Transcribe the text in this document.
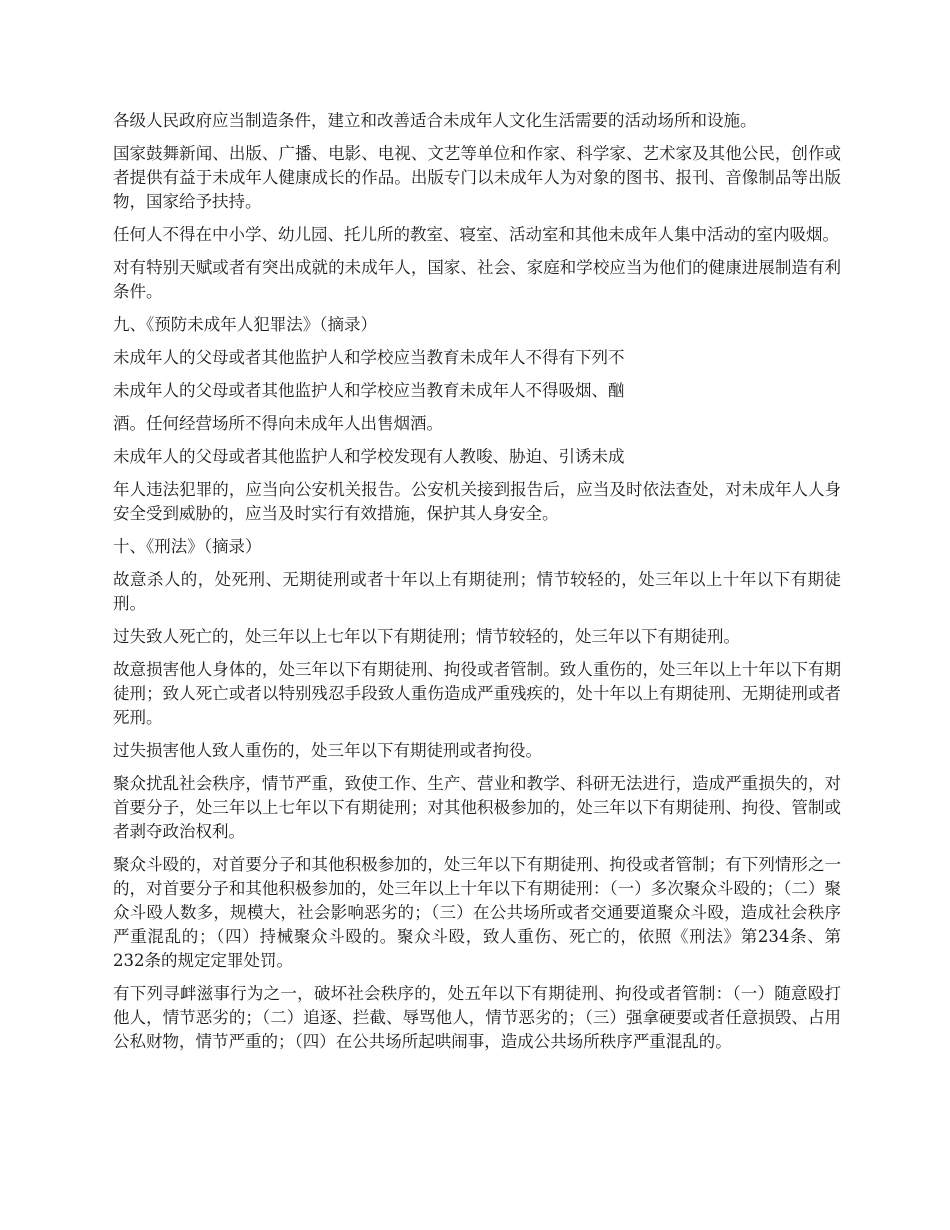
各级人民政府应当制造条件，建立和改善适合未成年人文化生活需要的活动场所和设施。

国家鼓舞新闻、出版、广播、电影、电视、文艺等单位和作家、科学家、艺术家及其他公民，创作或者提供有益于未成年人健康成长的作品。出版专门以未成年人为对象的图书、报刊、音像制品等出版物，国家给予扶持。

任何人不得在中小学、幼儿园、托儿所的教室、寝室、活动室和其他未成年人集中活动的室内吸烟。

对有特别天赋或者有突出成就的未成年人，国家、社会、家庭和学校应当为他们的健康进展制造有利条件。

九、《预防未成年人犯罪法》（摘录）

未成年人的父母或者其他监护人和学校应当教育未成年人不得有下列不

未成年人的父母或者其他监护人和学校应当教育未成年人不得吸烟、酗

酒。任何经营场所不得向未成年人出售烟酒。

未成年人的父母或者其他监护人和学校发现有人教唆、胁迫、引诱未成

年人违法犯罪的，应当向公安机关报告。公安机关接到报告后，应当及时依法查处，对未成年人人身安全受到威胁的，应当及时实行有效措施，保护其人身安全。

十、《刑法》（摘录）

故意杀人的，处死刑、无期徒刑或者十年以上有期徒刑；情节较轻的，处三年以上十年以下有期徒刑。

过失致人死亡的，处三年以上七年以下有期徒刑；情节较轻的，处三年以下有期徒刑。

故意损害他人身体的，处三年以下有期徒刑、拘役或者管制。致人重伤的，处三年以上十年以下有期徒刑；致人死亡或者以特别残忍手段致人重伤造成严重残疾的，处十年以上有期徒刑、无期徒刑或者死刑。

过失损害他人致人重伤的，处三年以下有期徒刑或者拘役。

聚众扰乱社会秩序，情节严重，致使工作、生产、营业和教学、科研无法进行，造成严重损失的，对首要分子，处三年以上七年以下有期徒刑；对其他积极参加的，处三年以下有期徒刑、拘役、管制或者剥夺政治权利。

聚众斗殴的，对首要分子和其他积极参加的，处三年以下有期徒刑、拘役或者管制；有下列情形之一的，对首要分子和其他积极参加的，处三年以上十年以下有期徒刑：（一）多次聚众斗殴的；（二）聚众斗殴人数多，规模大，社会影响恶劣的；（三）在公共场所或者交通要道聚众斗殴，造成社会秩序严重混乱的；（四）持械聚众斗殴的。聚众斗殴，致人重伤、死亡的，依照《刑法》第234条、第232条的规定定罪处罚。

有下列寻衅滋事行为之一，破坏社会秩序的，处五年以下有期徒刑、拘役或者管制：（一）随意殴打他人，情节恶劣的；（二）追逐、拦截、辱骂他人，情节恶劣的；（三）强拿硬要或者任意损毁、占用公私财物，情节严重的；（四）在公共场所起哄闹事，造成公共场所秩序严重混乱的。
